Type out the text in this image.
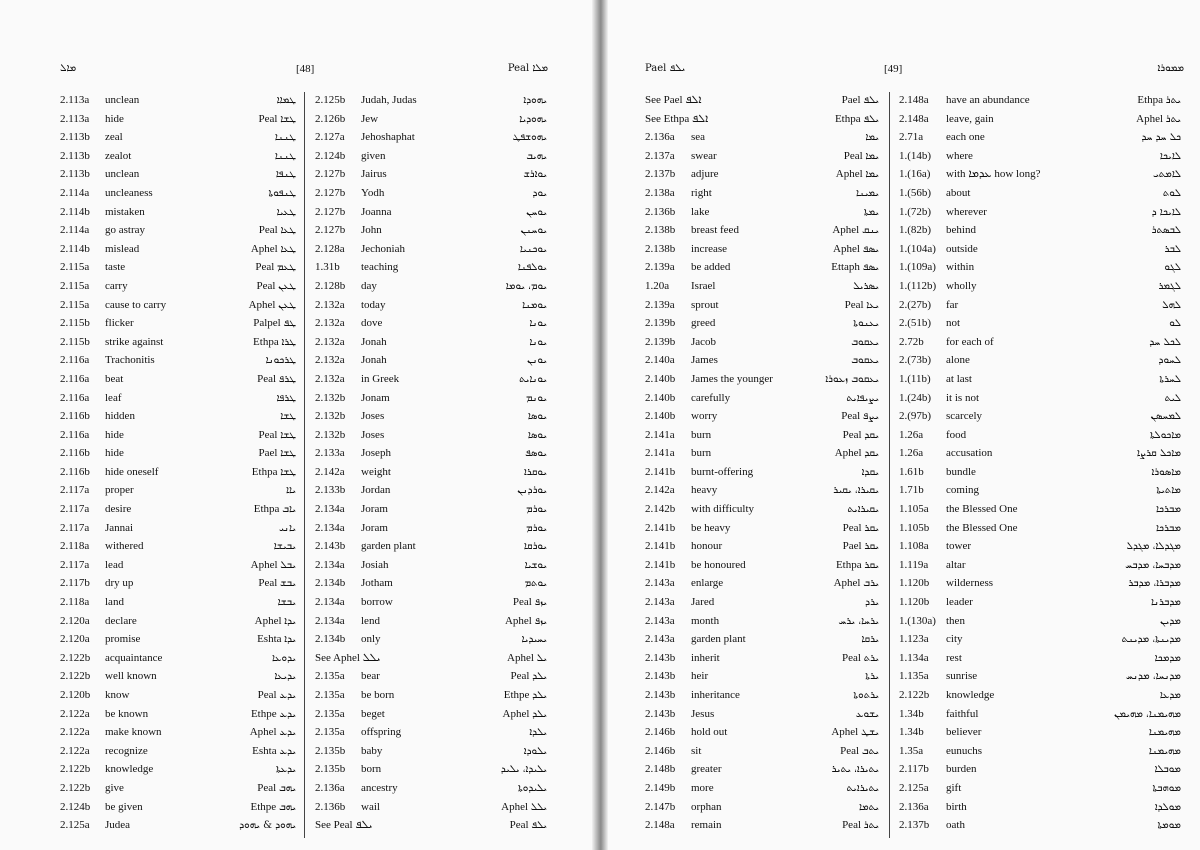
ܡܐܠ	[48]	Peal ܡܠܐ
2.113a unclean	ܛܡܐܐ
2.113a hide	Peal ܛܫܐ
2.113b zeal	ܛܢܢܐ
2.113b zealot	ܛܢܢܐ
2.113b unclean	ܛܢܦܐ
2.114a uncleaness	ܛܢܦܘܬܐ
2.114b mistaken	ܛܥܝܐ
2.114a go astray	Peal ܛܥܐ
2.114b mislead	Aphel ܛܥܐ
2.115a taste	Peal ܛܥܡ
2.115a carry	Peal ܛܥܢ
2.115a cause to carry	Aphel ܛܥܢ
2.115b flicker	Palpel ܛܦ
2.115b strike against	Ethpa ܛܪܐ
2.116a Trachonitis	ܛܪܟܘܢܐ
2.116a beat	Peal ܛܪܦ
2.116a leaf	ܛܪܦܐ
2.116b hidden	ܛܫܐ
2.116a hide	Peal ܛܫܐ
2.116b hide	Pael ܛܫܐ
2.116b hide oneself	Ethpa ܛܫܐ
2.117a proper	ܝܐܐ
2.117a desire	Ethpa ܝܐܒ
2.117a Jannai	ܝܐܢܝ
2.118a withered	ܝܒܝܫܐ
2.117a lead	Aphel ܝܒܠ
2.117b dry up	Peal ܝܒܫ
2.118a land	ܝܒܫܐ
2.120a declare	Aphel ܝܕܐ
2.120a promise	Eshta ܝܕܐ
2.122b acquaintance	ܝܕܘܥܐ
2.122b well known	ܝܕܝܥܐ
2.120b know	Peal ܝܕܥ
2.122a be known	Ethpe ܝܕܥ
2.122a make known	Aphel ܝܕܥ
2.122a recognize	Eshta ܝܕܥ
2.122b knowledge	ܝܕܥܬܐ
2.122b give	Peal ܝܗܒ
2.124b be given	Ethpe ܝܗܒ
2.125a Judea	ܝܗܘܕ & ܝܗܘܕ
2.125b Judah, Judas	ܝܗܘܕܐ
2.126b Jew	ܝܗܘܕܝܐ
2.127a Jehoshaphat	ܝܗܘܫܦܛ
2.124b given	ܝܗܝܒ
2.127b Jairus	ܝܘܐܪܫ
2.127b Yodh	ܝܘܕ
2.127b Joanna	ܝܘܚܢ
2.127b John	ܝܘܚܢܢ
2.128a Jechoniah	ܝܘܟܢܝܐ
1.31b teaching	ܝܘܠܦܢܐ
2.128b day	ܝܘܡ، ܝܘܡܐ
2.132a today	ܝܘܡܢܐ
2.132a dove	ܝܘܢܐ
2.132a Jonah	ܝܘܢܐ
2.132a Jonah	ܝܘܢܢ
2.132a in Greek	ܝܘܢܐܝܬ
2.132b Jonam	ܝܘܢܡ
2.132b Joses	ܝܘܣܐ
2.132b Joses	ܝܘܣܐ
2.133a Joseph	ܝܘܣܦ
2.142a weight	ܝܘܩܪܐ
2.133b Jordan	ܝܘܪܕܢܢ
2.134a Joram	ܝܘܪܡ
2.134a Joram	ܝܘܪܡ
2.143b garden plant	ܝܘܪܩܐ
2.134a Josiah	ܝܘܫܝܐ
2.134b Jotham	ܝܘܬܡ
2.134a borrow	Peal ܝܙܦ
2.134a lend	Aphel ܝܙܦ
2.134b only	ܝܚܝܕܝܐ
See Aphel ܝܠܠ	Aphel ܝܠ
2.135a bear	Peal ܝܠܕ
2.135a be born	Ethpe ܝܠܕ
2.135a beget	Aphel ܝܠܕ
2.135a offspring	ܝܠܕܐ
2.135b baby	ܝܠܘܕܐ
2.135b born	ܝܠܝܕܐ، ܝܠܝܕ
2.136a ancestry	ܝܠܝܕܘܬܐ
2.136b wail	Aphel ܝܠܠ
See Peal ܝܠܦ	Peal ܝܠܦ
Pael ܝܠܦ	[49]	ܡܡܘܪܐ
See Pael ܐܠܦ	Pael ܝܠܦ
See Ethpa ܐܠܦ	Ethpa ܝܠܦ
2.136a sea	ܝܡܐ
2.137a swear	Peal ܝܡܐ
2.137b adjure	Aphel ܝܡܐ
2.138a right	ܝܡܝܢܐ
2.136b lake	ܝܡܬܐ
2.138b breast feed	Aphel ܝܢܩ
2.138b increase	Aphel ܝܣܦ
2.139a be added	Ettaph ܝܣܦ
1.20a Israel	ܝܣܪܝܠ
2.139a sprout	Peal ܝܥܐ
2.139b greed	ܝܥܢܘܬܐ
2.139b Jacob	ܝܥܩܘܒ
2.140a James	ܝܥܩܘܒ
2.140b James the younger	ܝܥܩܘܒ ܙܥܘܪܐ
2.140b carefully	ܝܨܝܦܐܝܬ
2.140b worry	Peal ܝܨܦ
2.141a burn	Peal ܝܩܕ
2.141a burn	Aphel ܝܩܕ
2.141b burnt-offering	ܝܩܕܐ
2.142a heavy	ܝܩܝܪܐ، ܝܩܝܪ
2.142b with difficulty	ܝܩܝܪܐܝܬ
2.141b be heavy	Peal ܝܩܪ
2.141b honour	Pael ܝܩܪ
2.141b be honoured	Ethpa ܝܩܪ
2.143a enlarge	Aphel ܝܪܒ
2.143a Jared	ܝܪܕ
2.143a month	ܝܪܚܐ، ܝܪܚ
2.143a garden plant	ܝܪܩܐ
2.143b inherit	Peal ܝܪܬ
2.143b heir	ܝܪܬܐ
2.143b inheritance	ܝܪܬܘܬܐ
2.143b Jesus	ܝܫܘܥ
2.146b hold out	Aphel ܝܫܛ
2.146b sit	Peal ܝܬܒ
2.148b greater	ܝܬܝܪܐ، ܝܬܝܪ
2.149b more	ܝܬܝܪܐܝܬ
2.147b orphan	ܝܬܡܐ
2.148a remain	Peal ܝܬܪ
2.148a have an abundance	Ethpa ܝܬܪ
2.148a leave, gain	Aphel ܝܬܪ
2.71a each one	ܟܠ ܚܕ ܚܕ
1.(14b) where	ܠܐܝܟܐ
1.(16a) with ܥܕܡܐ how long?	ܠܐܡܬܝ
1.(56b) about	ܠܘܬ
1.(72b) wherever	ܠܐܝܟܐ ܕ
1.(82b) behind	ܠܒܣܬܪ
1.(104a) outside	ܠܒܪ
1.(109a) within	ܠܓܘ
1.(112b) wholly	ܠܓܡܪ
2.(27b) far	ܠܗܠ
2.(51b) not	ܠܘ
2.72b for each of	ܠܟܠ ܚܕ
2.(73b) alone	ܠܚܘܕ
1.(11b) at last	ܠܚܪܬܐ
1.(24b) it is not	ܠܝܬ
2.(97b) scarcely	ܠܡܚܣܢ
1.26a food	ܡܐܟܘܠܬܐ
1.26a accusation	ܡܐܟܠ ܩܪܨܐ
1.61b bundle	ܡܐܣܘܪܐ
1.71b coming	ܡܐܬܝܬܐ
1.105a the Blessed One	ܡܒܪܟܐ
1.105b the Blessed One	ܡܒܪܟܐ
1.108a tower	ܡܓܕܠܐ، ܡܓܕܠ
1.119a altar	ܡܕܒܚܐ، ܡܕܒܚ
1.120b wilderness	ܡܕܒܪܐ، ܡܕܒܪ
1.120b leader	ܡܕܒܪܢܐ
1.(130a) then	ܡܕܝܢ
1.123a city	ܡܕܝܢܬܐ، ܡܕܝܢܬ
1.134a rest	ܡܕܡܟܐ
1.135a sunrise	ܡܕܢܚܐ، ܡܕܢܚ
2.122b knowledge	ܡܕܥܐ
1.34b faithful	ܡܗܝܡܢܐ، ܡܗܝܡܢ
1.34b believer	ܡܗܝܡܢܐ
1.35a eunuchs	ܡܗܝܡܢܐ
2.117b burden	ܡܘܒܠܐ
2.125a gift	ܡܘܗܒܬܐ
2.136a birth	ܡܘܠܕܐ
2.137b oath	ܡܘܡܬܐ
